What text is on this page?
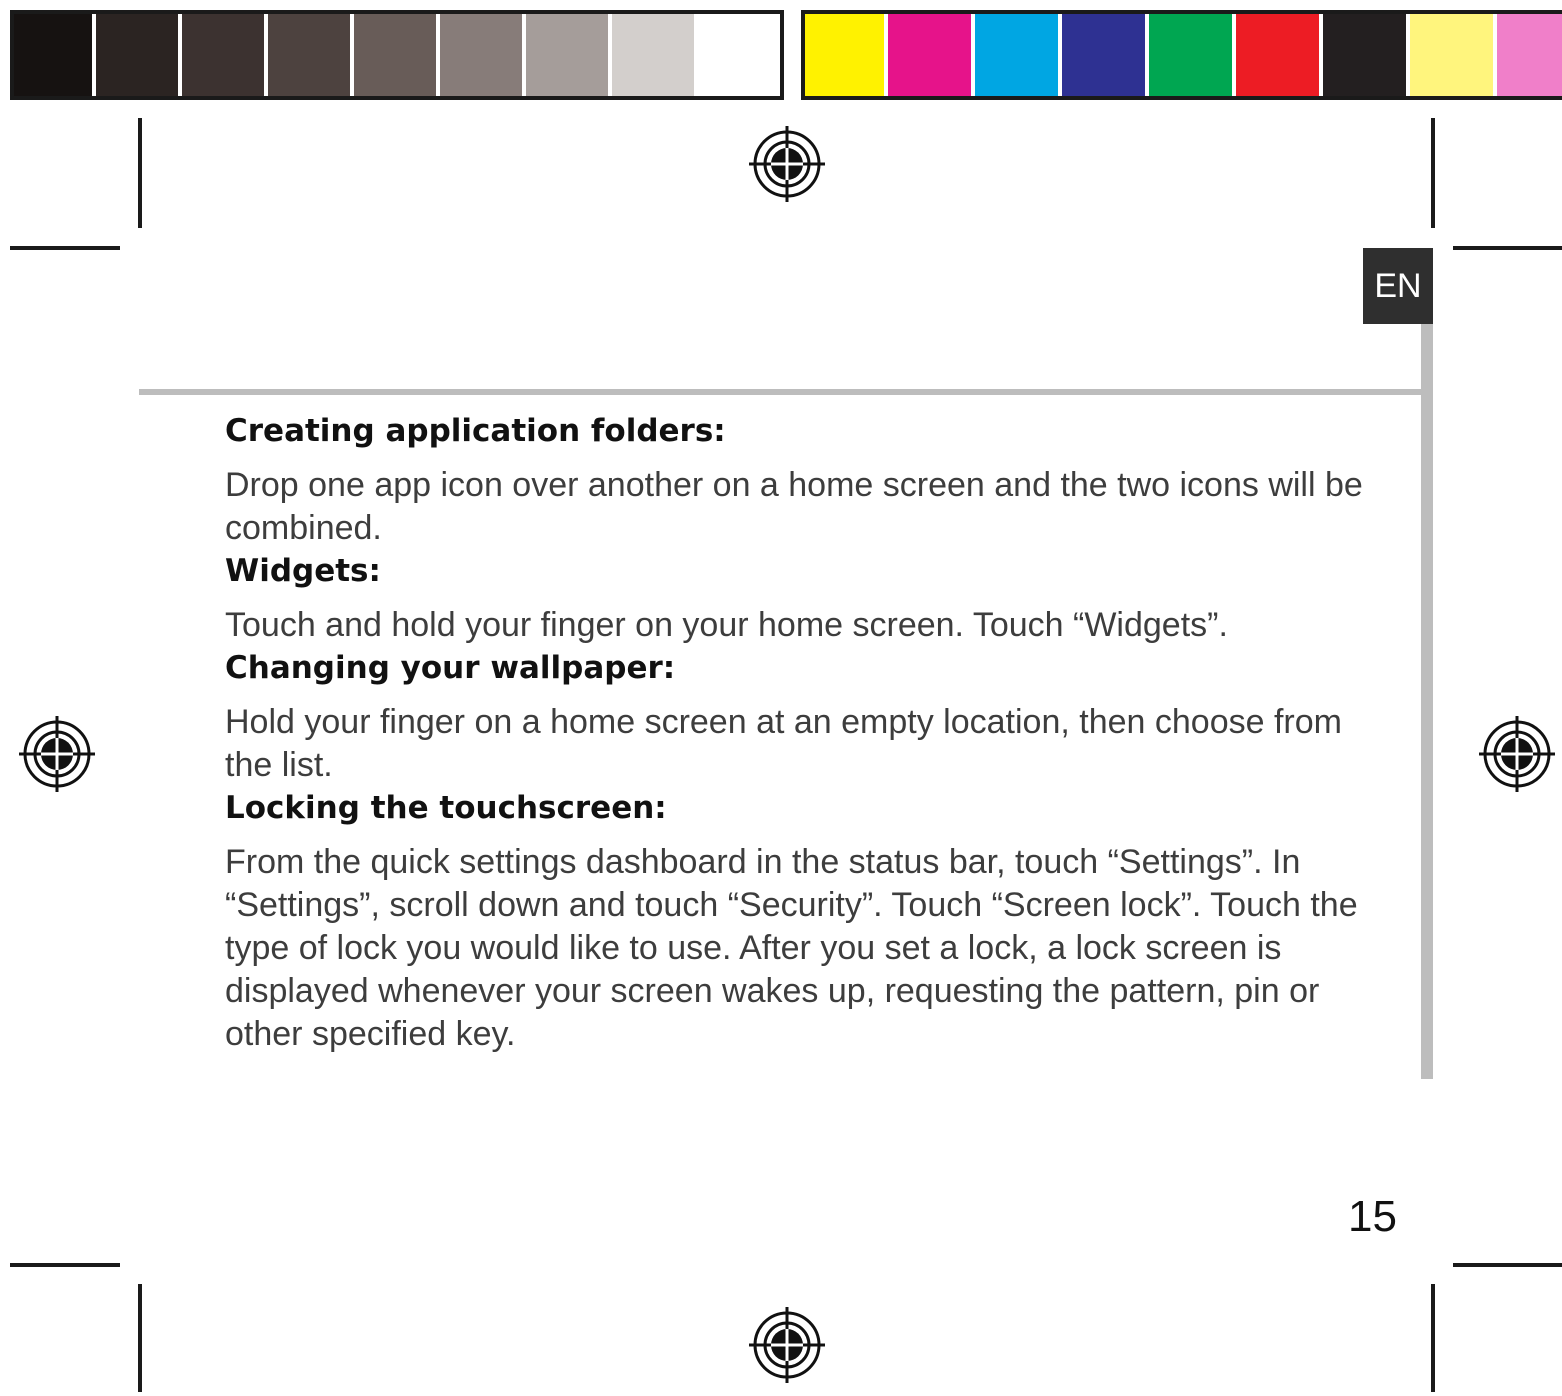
EN
Creating application folders:

Drop one app icon over another on a home screen and the two icons will be combined.

Widgets:

Touch and hold your finger on your home screen. Touch “Widgets”.

Changing your wallpaper:

Hold your finger on a home screen at an empty location, then choose from the list.

Locking the touchscreen:

From the quick settings dashboard in the status bar, touch “Settings”. In “Settings”, scroll down and touch “Security”. Touch “Screen lock”. Touch the type of lock you would like to use. After you set a lock, a lock screen is displayed whenever your screen wakes up, requesting the pattern, pin or other specified key.

15
